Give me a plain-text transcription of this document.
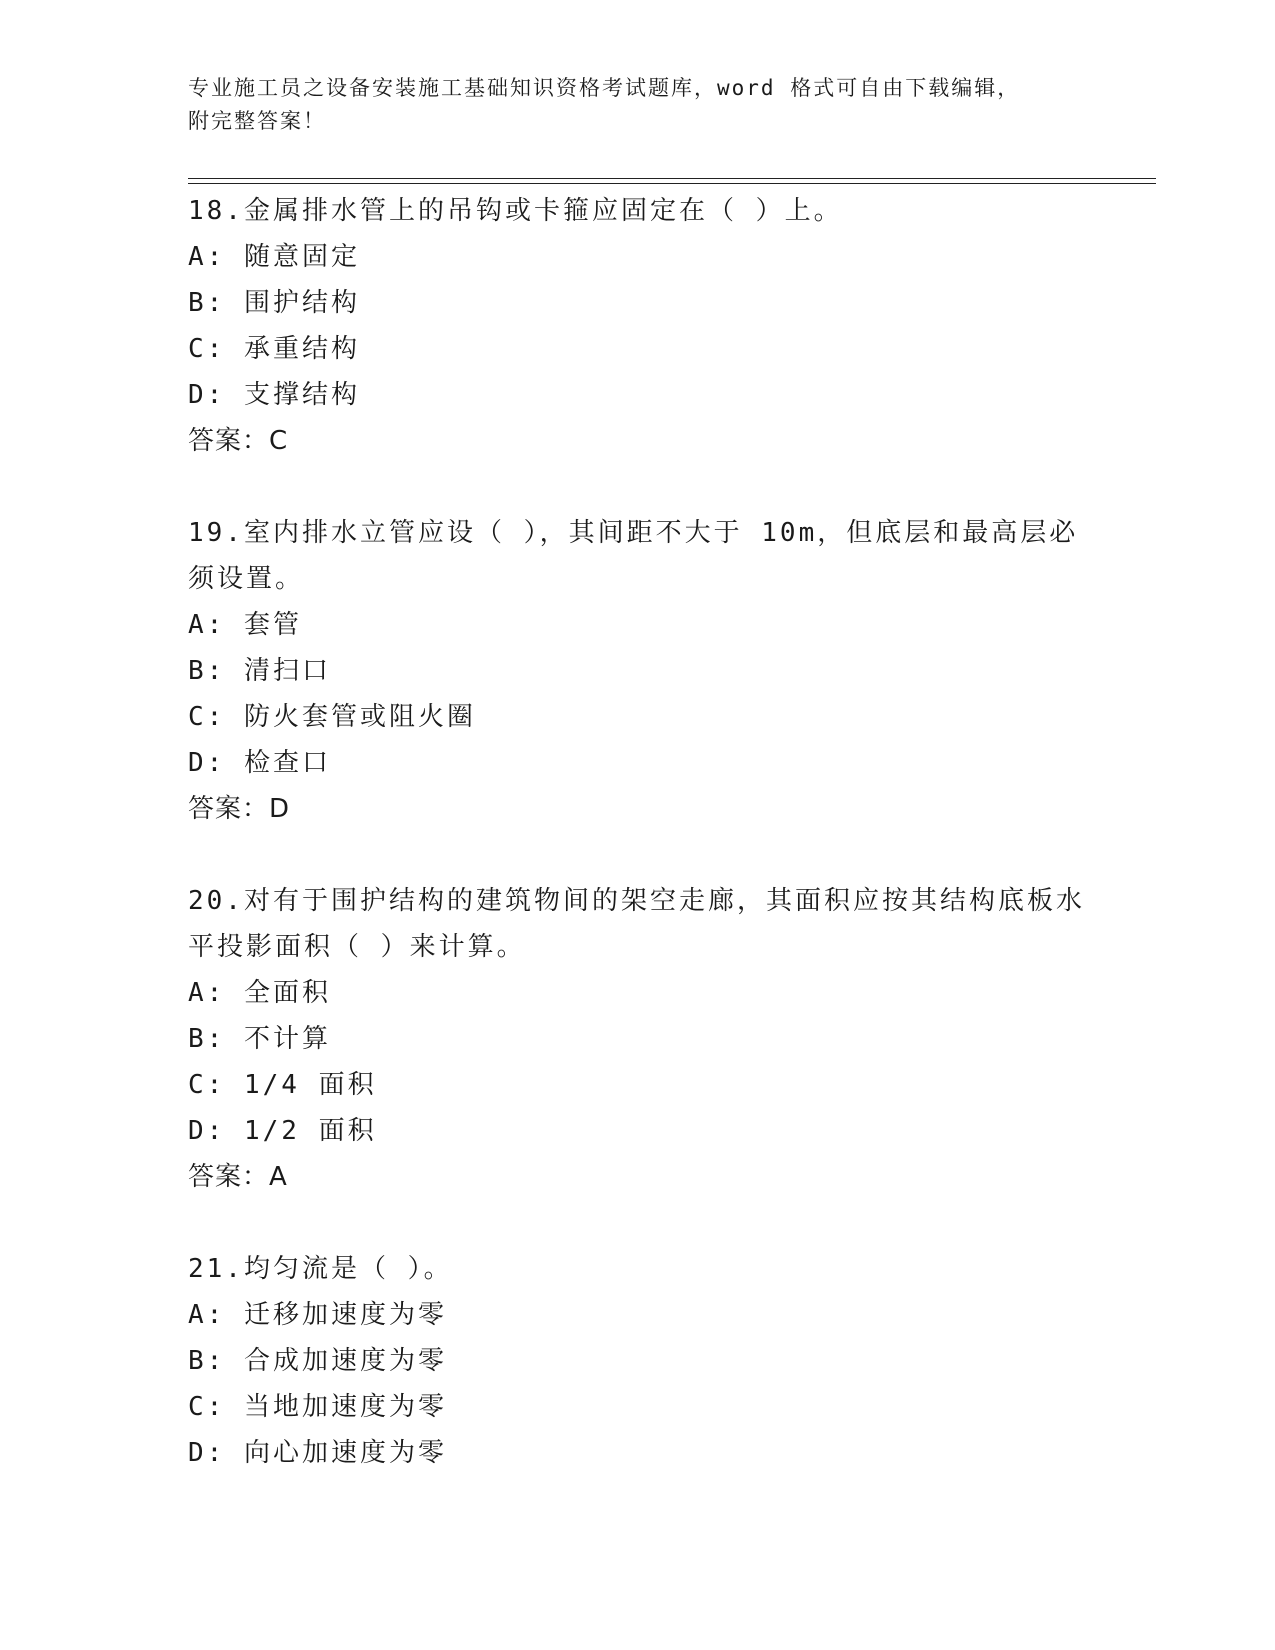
专业施工员之设备安装施工基础知识资格考试题库，word 格式可自由下载编辑，
附完整答案！
18.金属排水管上的吊钩或卡箍应固定在（ ）上。
A: 随意固定
B: 围护结构
C: 承重结构
D: 支撑结构
答案：C
19.室内排水立管应设（ ），其间距不大于 10m，但底层和最高层必须设置。
A: 套管
B: 清扫口
C: 防火套管或阻火圈
D: 检查口
答案：D
20.对有于围护结构的建筑物间的架空走廊，其面积应按其结构底板水平投影面积（ ）来计算。
A: 全面积
B: 不计算
C: 1/4 面积
D: 1/2 面积
答案：A
21.均匀流是（ ）。
A: 迁移加速度为零
B: 合成加速度为零
C: 当地加速度为零
D: 向心加速度为零
